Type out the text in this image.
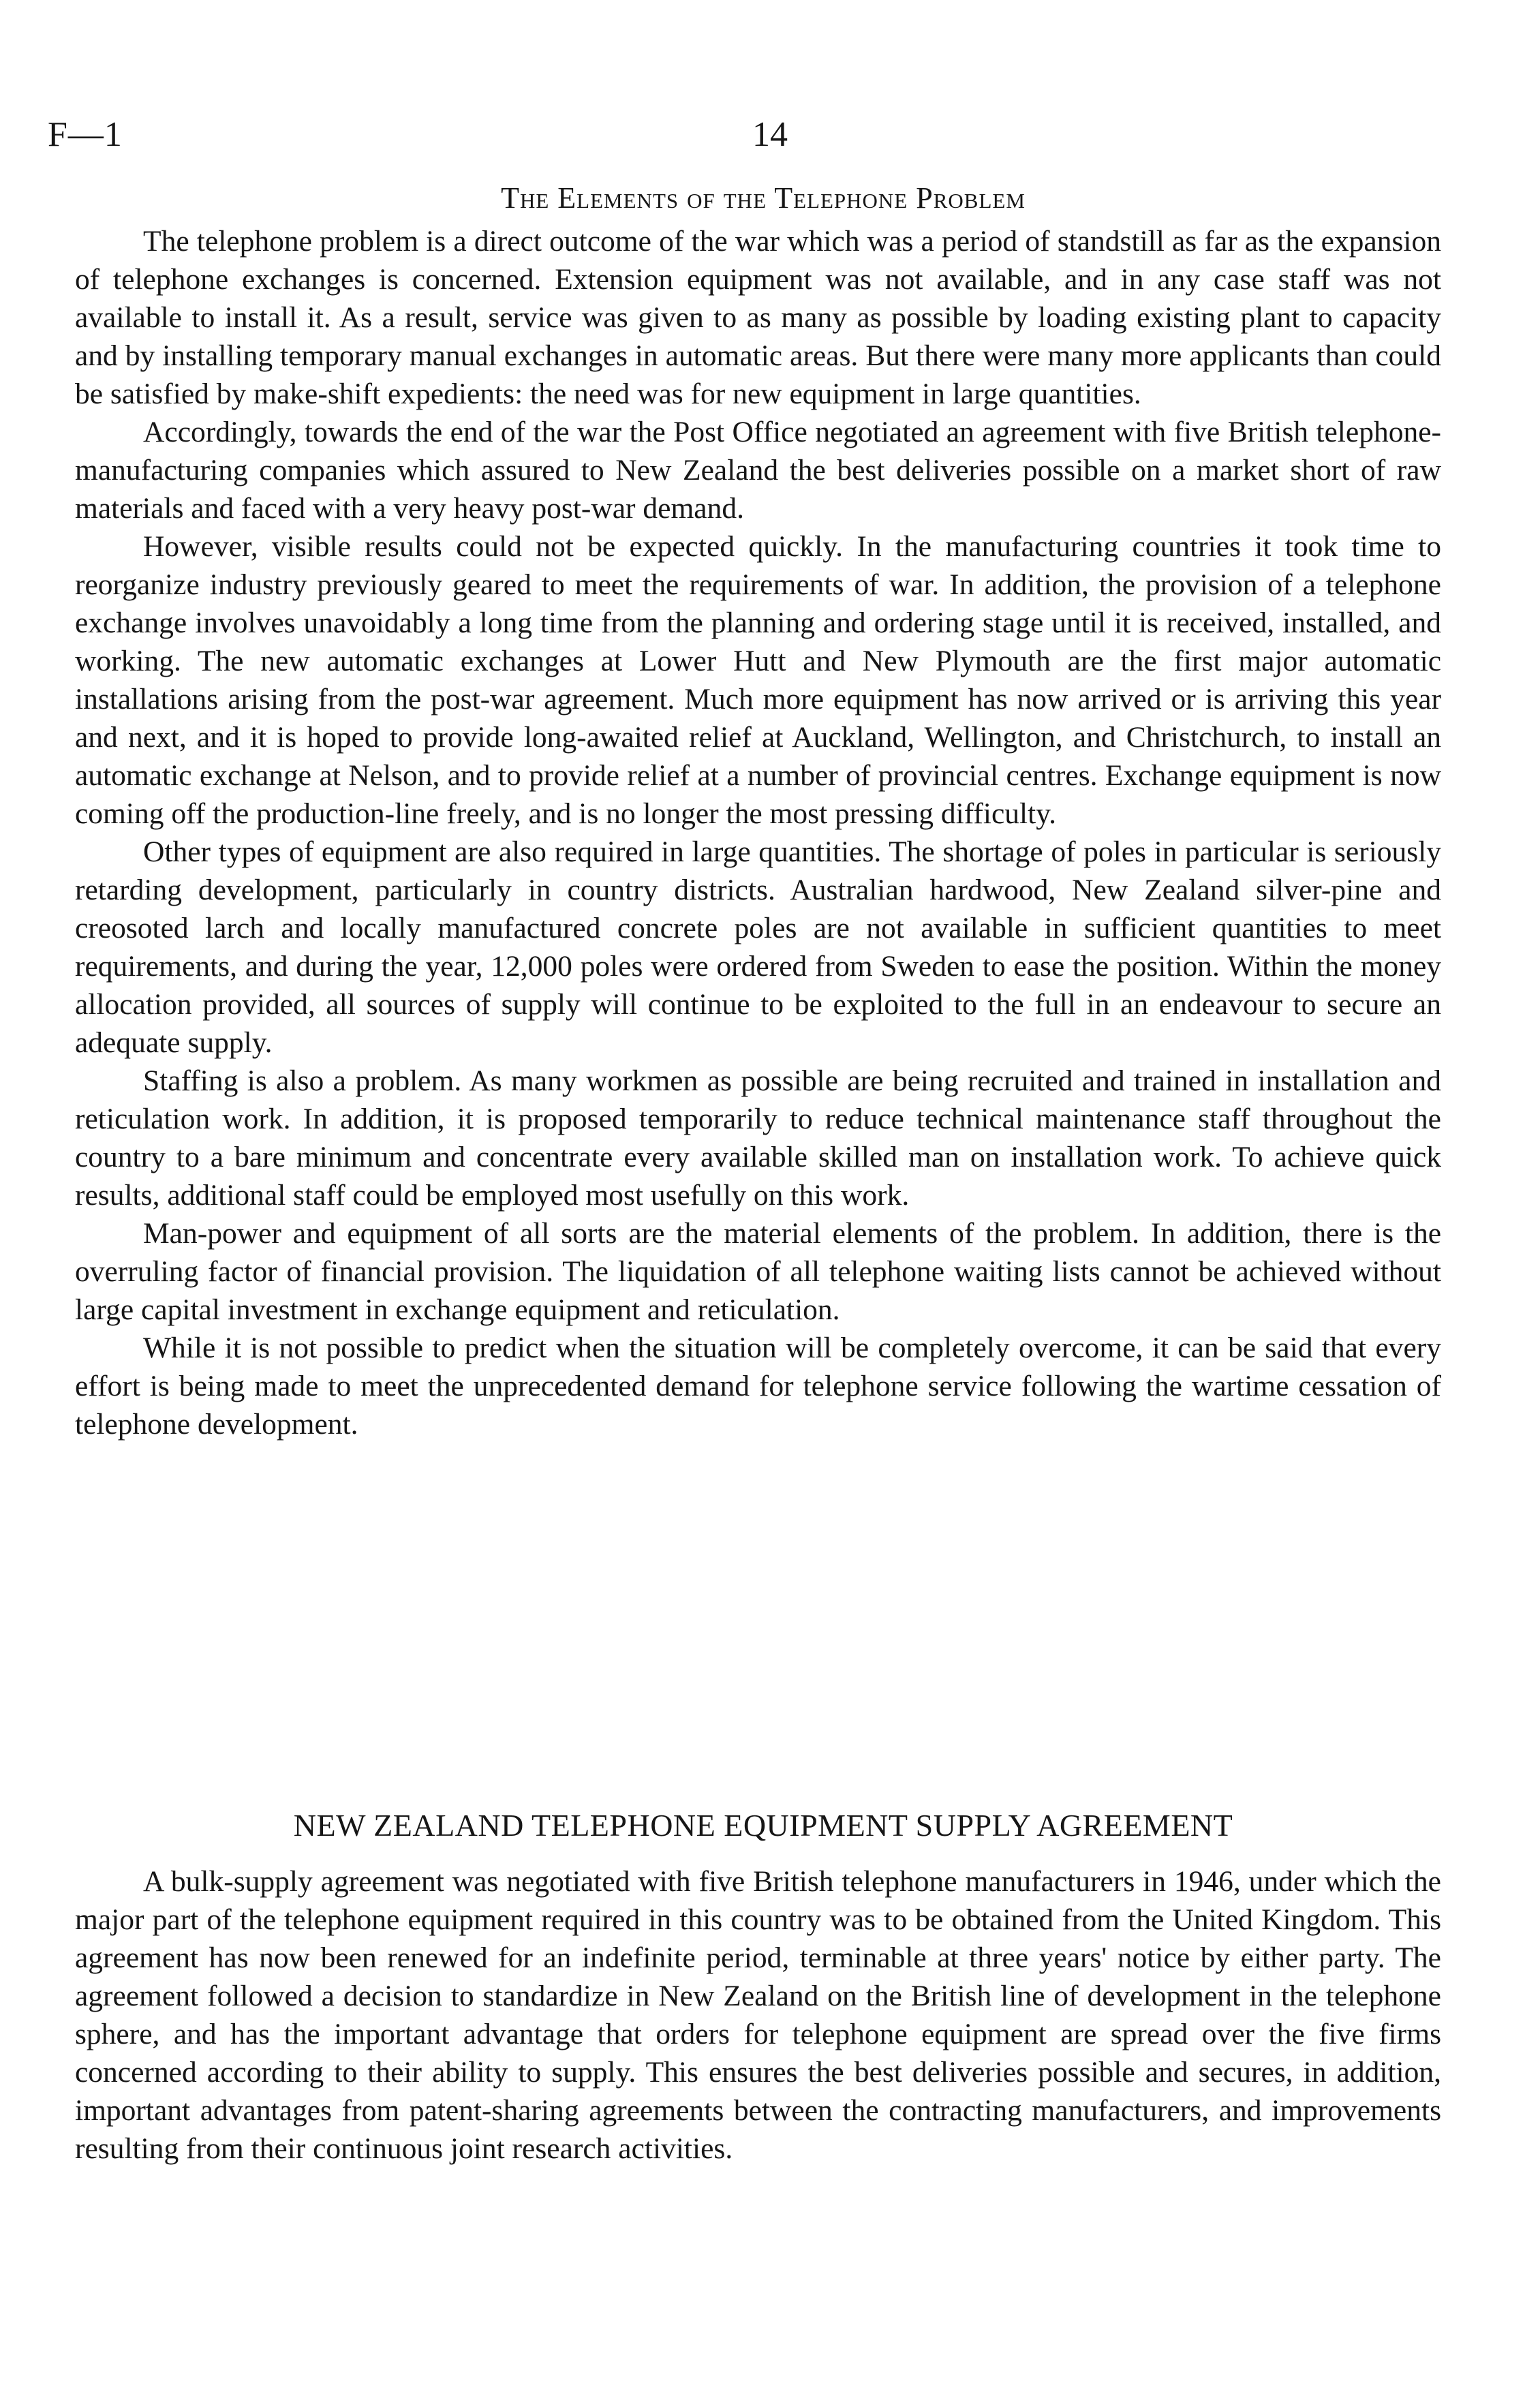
F—1	14
The Elements of the Telephone Problem

The telephone problem is a direct outcome of the war which was a period of standstill as far as the expansion of telephone exchanges is concerned. Extension equipment was not available, and in any case staff was not available to install it. As a result, service was given to as many as possible by loading existing plant to capacity and by installing temporary manual exchanges in automatic areas. But there were many more applicants than could be satisfied by make-shift expedients: the need was for new equipment in large quantities.

Accordingly, towards the end of the war the Post Office negotiated an agreement with five British telephone-manufacturing companies which assured to New Zealand the best deliveries possible on a market short of raw materials and faced with a very heavy post-war demand.

However, visible results could not be expected quickly. In the manufacturing countries it took time to reorganize industry previously geared to meet the requirements of war. In addition, the provision of a telephone exchange involves unavoidably a long time from the planning and ordering stage until it is received, installed, and working. The new automatic exchanges at Lower Hutt and New Plymouth are the first major automatic installations arising from the post-war agreement. Much more equipment has now arrived or is arriving this year and next, and it is hoped to provide long-awaited relief at Auckland, Wellington, and Christchurch, to install an automatic exchange at Nelson, and to provide relief at a number of provincial centres. Exchange equipment is now coming off the production-line freely, and is no longer the most pressing difficulty.

Other types of equipment are also required in large quantities. The shortage of poles in particular is seriously retarding development, particularly in country districts. Australian hardwood, New Zealand silver-pine and creosoted larch and locally manufactured concrete poles are not available in sufficient quantities to meet requirements, and during the year, 12,000 poles were ordered from Sweden to ease the position. Within the money allocation provided, all sources of supply will continue to be exploited to the full in an endeavour to secure an adequate supply.

Staffing is also a problem. As many workmen as possible are being recruited and trained in installation and reticulation work. In addition, it is proposed temporarily to reduce technical maintenance staff throughout the country to a bare minimum and concentrate every available skilled man on installation work. To achieve quick results, additional staff could be employed most usefully on this work.

Man-power and equipment of all sorts are the material elements of the problem. In addition, there is the overruling factor of financial provision. The liquidation of all telephone waiting lists cannot be achieved without large capital investment in exchange equipment and reticulation.

While it is not possible to predict when the situation will be completely overcome, it can be said that every effort is being made to meet the unprecedented demand for telephone service following the wartime cessation of telephone development.

NEW ZEALAND TELEPHONE EQUIPMENT SUPPLY AGREEMENT

A bulk-supply agreement was negotiated with five British telephone manufacturers in 1946, under which the major part of the telephone equipment required in this country was to be obtained from the United Kingdom. This agreement has now been renewed for an indefinite period, terminable at three years' notice by either party. The agreement followed a decision to standardize in New Zealand on the British line of development in the telephone sphere, and has the important advantage that orders for telephone equipment are spread over the five firms concerned according to their ability to supply. This ensures the best deliveries possible and secures, in addition, important advantages from patent-sharing agreements between the contracting manufacturers, and improvements resulting from their continuous joint research activities.
